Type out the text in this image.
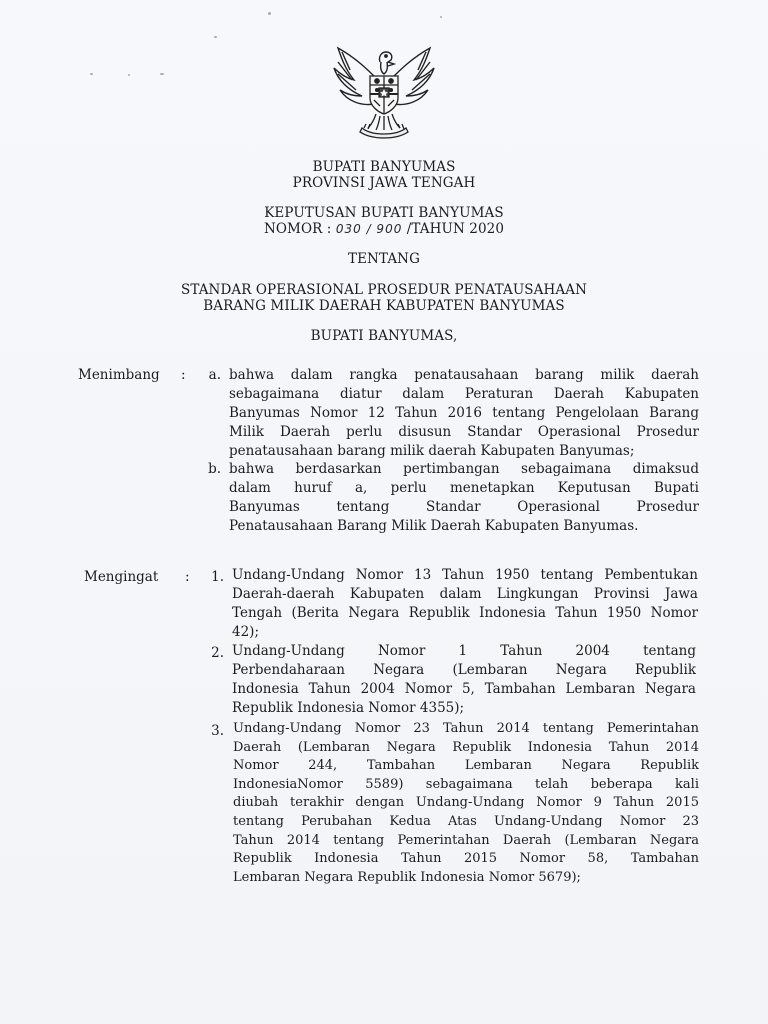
BUPATI BANYUMAS
PROVINSI JAWA TENGAH
KEPUTUSAN BUPATI BANYUMAS
NOMOR : 030 / 900 /TAHUN 2020
TENTANG
STANDAR OPERASIONAL PROSEDUR PENATAUSAHAAN
BARANG MILIK DAERAH KABUPATEN BANYUMAS
BUPATI BANYUMAS,
Menimbang :	a. bahwa dalam rangka penatausahaan barang milik daerah
sebagaimana diatur dalam Peraturan Daerah Kabupaten
Banyumas Nomor 12 Tahun 2016 tentang Pengelolaan Barang
Milik Daerah perlu disusun Standar Operasional Prosedur
penatausahaan barang milik daerah Kabupaten Banyumas;
b. bahwa berdasarkan pertimbangan sebagaimana dimaksud
dalam huruf a, perlu menetapkan Keputusan Bupati
Banyumas tentang Standar Operasional Prosedur
Penatausahaan Barang Milik Daerah Kabupaten Banyumas.
Mengingat :	1. Undang-Undang Nomor 13 Tahun 1950 tentang Pembentukan
Daerah-daerah Kabupaten dalam Lingkungan Provinsi Jawa
Tengah (Berita Negara Republik Indonesia Tahun 1950 Nomor
42);
2. Undang-Undang Nomor 1 Tahun 2004 tentang
Perbendaharaan Negara (Lembaran Negara Republik
Indonesia Tahun 2004 Nomor 5, Tambahan Lembaran Negara
Republik Indonesia Nomor 4355);
3. Undang-Undang Nomor 23 Tahun 2014 tentang Pemerintahan
Daerah (Lembaran Negara Republik Indonesia Tahun 2014
Nomor 244, Tambahan Lembaran Negara Republik
IndonesiaNomor 5589) sebagaimana telah beberapa kali
diubah terakhir dengan Undang-Undang Nomor 9 Tahun 2015
tentang Perubahan Kedua Atas Undang-Undang Nomor 23
Tahun 2014 tentang Pemerintahan Daerah (Lembaran Negara
Republik Indonesia Tahun 2015 Nomor 58, Tambahan
Lembaran Negara Republik Indonesia Nomor 5679);
